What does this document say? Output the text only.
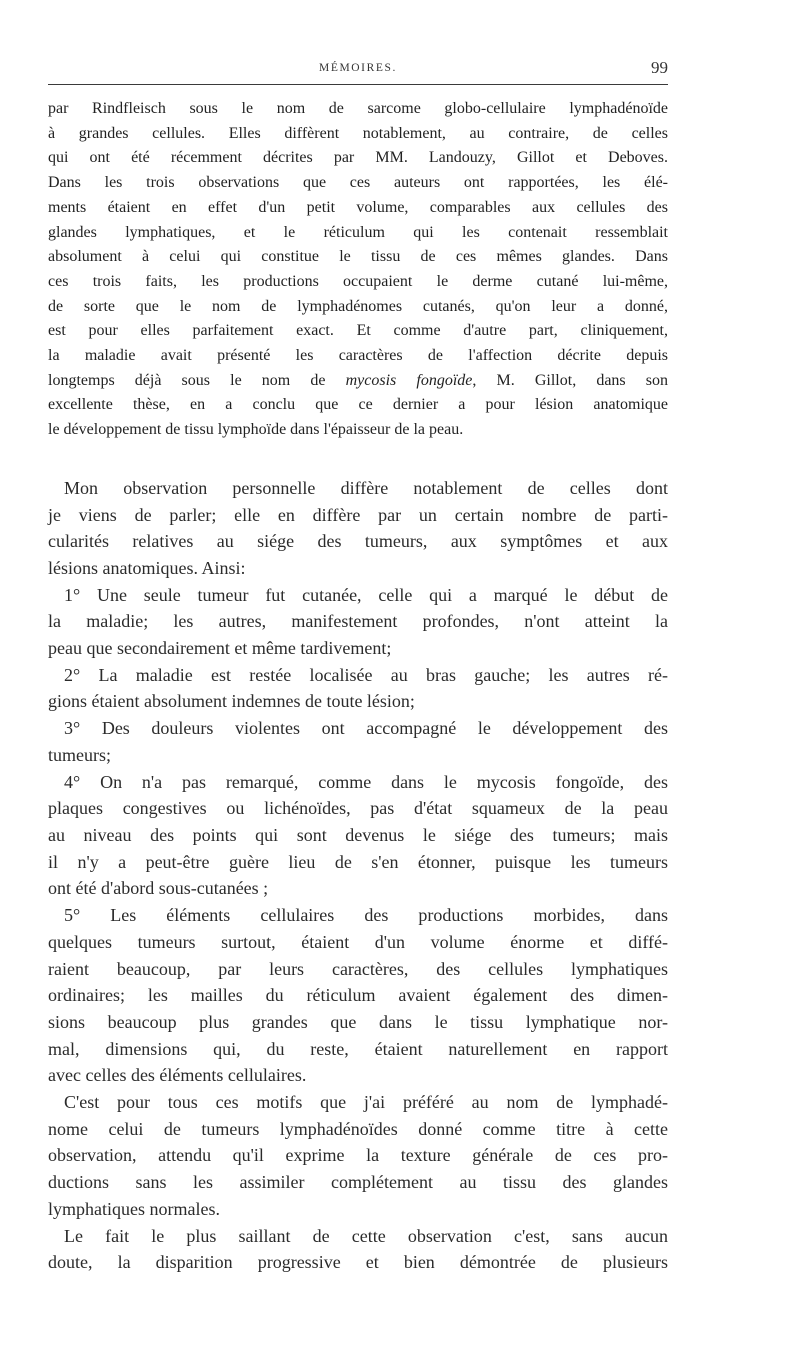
MÉMOIRES.	99
par Rindfleisch sous le nom de sarcome globo-cellulaire lymphadénoïde
à grandes cellules. Elles diffèrent notablement, au contraire, de celles
qui ont été récemment décrites par MM. Landouzy, Gillot et Deboves.
Dans les trois observations que ces auteurs ont rapportées, les élé-
ments étaient en effet d'un petit volume, comparables aux cellules des
glandes lymphatiques, et le réticulum qui les contenait ressemblait
absolument à celui qui constitue le tissu de ces mêmes glandes. Dans
ces trois faits, les productions occupaient le derme cutané lui-même,
de sorte que le nom de lymphadénomes cutanés, qu'on leur a donné,
est pour elles parfaitement exact. Et comme d'autre part, cliniquement,
la maladie avait présenté les caractères de l'affection décrite depuis
longtemps déjà sous le nom de mycosis fongoïde, M. Gillot, dans son
excellente thèse, en a conclu que ce dernier a pour lésion anatomique
le développement de tissu lymphoïde dans l'épaisseur de la peau.
Mon observation personnelle diffère notablement de celles dont
je viens de parler; elle en diffère par un certain nombre de parti-
cularités relatives au siége des tumeurs, aux symptômes et aux
lésions anatomiques. Ainsi:
1° Une seule tumeur fut cutanée, celle qui a marqué le début de
la maladie; les autres, manifestement profondes, n'ont atteint la
peau que secondairement et même tardivement;
2° La maladie est restée localisée au bras gauche; les autres ré-
gions étaient absolument indemnes de toute lésion;
3° Des douleurs violentes ont accompagné le développement des
tumeurs;
4° On n'a pas remarqué, comme dans le mycosis fongoïde, des
plaques congestives ou lichénoïdes, pas d'état squameux de la peau
au niveau des points qui sont devenus le siége des tumeurs; mais
il n'y a peut-être guère lieu de s'en étonner, puisque les tumeurs
ont été d'abord sous-cutanées ;
5° Les éléments cellulaires des productions morbides, dans
quelques tumeurs surtout, étaient d'un volume énorme et diffé-
raient beaucoup, par leurs caractères, des cellules lymphatiques
ordinaires; les mailles du réticulum avaient également des dimen-
sions beaucoup plus grandes que dans le tissu lymphatique nor-
mal, dimensions qui, du reste, étaient naturellement en rapport
avec celles des éléments cellulaires.
C'est pour tous ces motifs que j'ai préféré au nom de lymphadé-
nome celui de tumeurs lymphadénoïdes donné comme titre à cette
observation, attendu qu'il exprime la texture générale de ces pro-
ductions sans les assimiler complétement au tissu des glandes
lymphatiques normales.
Le fait le plus saillant de cette observation c'est, sans aucun
doute, la disparition progressive et bien démontrée de plusieurs
